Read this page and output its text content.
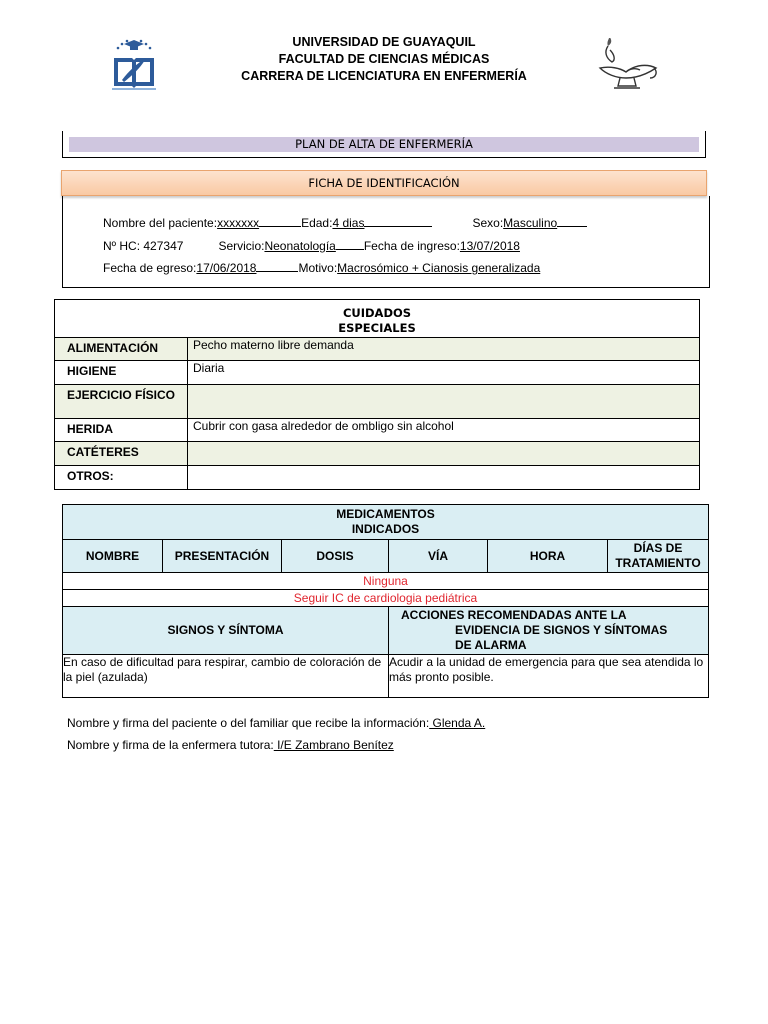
UNIVERSIDAD DE GUAYAQUIL
FACULTAD DE CIENCIAS MÉDICAS
CARRERA DE LICENCIATURA EN ENFERMERÍA
PLAN DE ALTA DE ENFERMERÍA
FICHA DE IDENTIFICACIÓN
Nombre del paciente:xxxxxxx	Edad:4 dias	Sexo:Masculino
Nº HC: 427347	Servicio:Neonatología Fecha de ingreso:13/07/2018
Fecha de egreso:17/06/2018	Motivo:Macrosómico + Cianosis generalizada
CUIDADOS
ESPECIALES	

ALIMENTACIÓN	Pecho materno libre demanda
HIGIENE	Diaria
EJERCICIO FÍSICO	
HERIDA	Cubrir con gasa alrededor de ombligo sin alcohol
CATÉTERES	
OTROS:	
MEDICAMENTOS
INDICADOS					

NOMBRE	PRESENTACIÓN	DOSIS	VÍA	HORA	DÍAS DE TRATAMIENTO
Ninguna					
Seguir IC de cardiologia pediátrica					
SIGNOS Y SÍNTOMA			ACCIONES RECOMENDADAS ANTE LA
EVIDENCIA DE SIGNOS Y SÍNTOMAS
DE ALARMA		

En caso de dificultad para respirar, cambio de coloración de la piel (azulada)			Acudir a la unidad de emergencia para que sea atendida lo más pronto posible.		
Nombre y firma del paciente o del familiar que recibe la información: Glenda A.
Nombre y firma de la enfermera tutora: I/E Zambrano Benítez
